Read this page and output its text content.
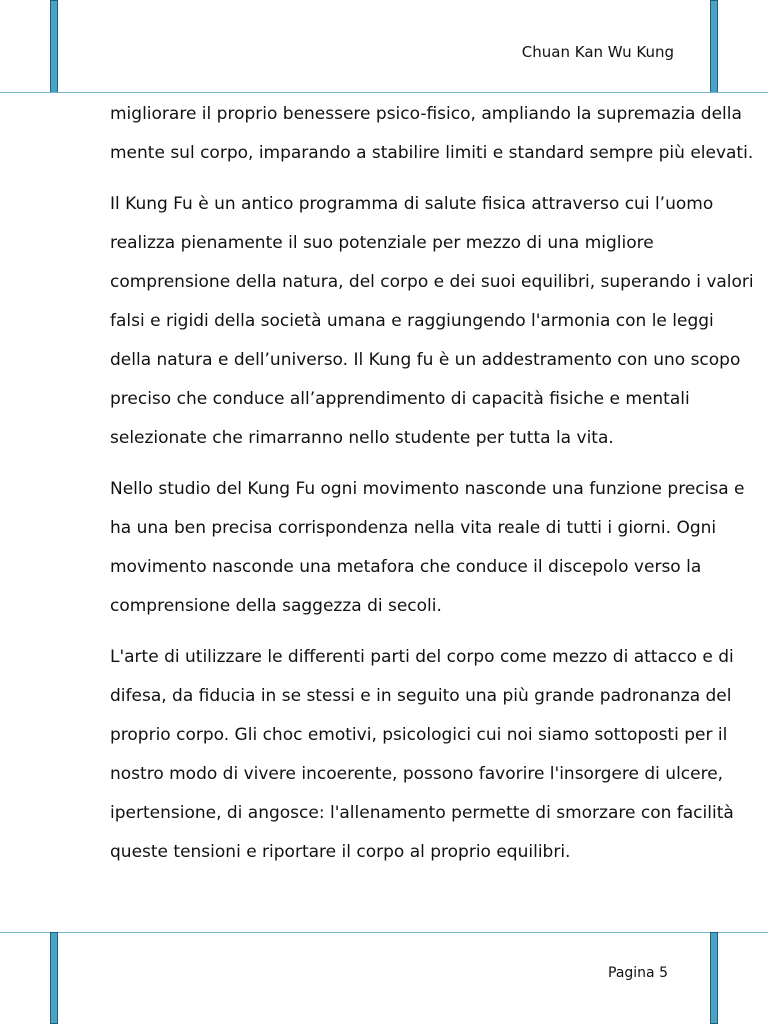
Chuan Kan Wu Kung
migliorare il proprio benessere psico-fisico, ampliando la supremazia della
mente sul corpo, imparando a stabilire limiti e standard sempre più elevati.
Il Kung Fu è un antico programma di salute fisica attraverso cui l’uomo
realizza pienamente il suo potenziale per mezzo di una migliore
comprensione della natura, del corpo e dei suoi equilibri, superando i valori
falsi e rigidi della società umana e raggiungendo l'armonia con le leggi
della natura e dell’universo. Il Kung fu è un addestramento con uno scopo
preciso che conduce all’apprendimento di capacità fisiche e mentali
selezionate che rimarranno nello studente per tutta la vita.
Nello studio del Kung Fu ogni movimento nasconde una funzione precisa e
ha una ben precisa corrispondenza nella vita reale di tutti i giorni. Ogni
movimento nasconde una metafora che conduce il discepolo verso la
comprensione della saggezza di secoli.
L'arte di utilizzare le differenti parti del corpo come mezzo di attacco e di
difesa, da fiducia in se stessi e in seguito una più grande padronanza del
proprio corpo. Gli choc emotivi, psicologici cui noi siamo sottoposti per il
nostro modo di vivere incoerente, possono favorire l'insorgere di ulcere,
ipertensione, di angosce: l'allenamento permette di smorzare con facilità
queste tensioni e riportare il corpo al proprio equilibri.
Pagina 5
